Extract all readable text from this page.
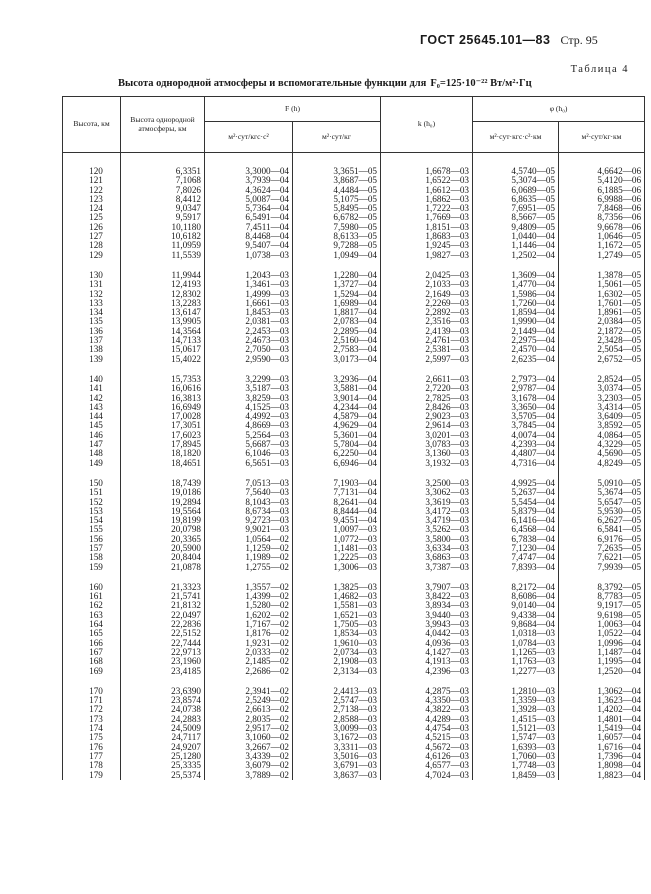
ГОСТ 25645.101—83 Стр. 95
Таблица 4
Высота однородной атмосферы и вспомогательные функции для F₀=125·10⁻²² Вт/м²·Гц
Высота, км	Высота однородной атмосферы, км	F (h)		k (h₀)	φ (h₀)	
		м²·сут/кгс·с²	м²·сут/кг		м²·сут·кгс·с²·км	м²·сут/кг·км

120	6,3351	3,3000—04	3,3651—05	1,6678—03	4,5740—05	4,6642—06
121	7,1068	3,7939—04	3,8687—05	1,6522—03	5,3074—05	5,4120—06
122	7,8026	4,3624—04	4,4484—05	1,6612—03	6,0689—05	6,1885—06
123	8,4412	5,0087—04	5,1075—05	1,6862—03	6,8635—05	6,9988—06
124	9,0347	5,7364—04	5,8495—05	1,7222—03	7,6951—05	7,8468—06
125	9,5917	6,5491—04	6,6782—05	1,7669—03	8,5667—05	8,7356—06
126	10,1180	7,4511—04	7,5980—05	1,8151—03	9,4809—05	9,6678—06
127	10,6182	8,4468—04	8,6133—05	1,8683—03	1,0440—04	1,0646—05
128	11,0959	9,5407—04	9,7288—05	1,9245—03	1,1446—04	1,1672—05
129	11,5539	1,0738—03	1,0949—04	1,9827—03	1,2502—04	1,2749—05

130	11,9944	1,2043—03	1,2280—04	2,0425—03	1,3609—04	1,3878—05
131	12,4193	1,3461—03	1,3727—04	2,1033—03	1,4770—04	1,5061—05
132	12,8302	1,4999—03	1,5294—04	2,1649—03	1,5986—04	1,6302—05
133	13,2283	1,6661—03	1,6989—04	2,2269—03	1,7260—04	1,7601—05
134	13,6147	1,8453—03	1,8817—04	2,2892—03	1,8594—04	1,8961—05
135	13,9905	2,0381—03	2,0783—04	2,3516—03	1,9990—04	2,0384—05
136	14,3564	2,2453—03	2,2895—04	2,4139—03	2,1449—04	2,1872—05
137	14,7133	2,4673—03	2,5160—04	2,4761—03	2,2975—04	2,3428—05
138	15,0617	2,7050—03	2,7583—04	2,5381—03	2,4570—04	2,5054—05
139	15,4022	2,9590—03	3,0173—04	2,5997—03	2,6235—04	2,6752—05

140	15,7353	3,2299—03	3,2936—04	2,6611—03	2,7973—04	2,8524—05
141	16,0616	3,5187—03	3,5881—04	2,7220—03	2,9787—04	3,0374—05
142	16,3813	3,8259—03	3,9014—04	2,7825—03	3,1678—04	3,2303—05
143	16,6949	4,1525—03	4,2344—04	2,8426—03	3,3650—04	3,4314—05
144	17,0028	4,4992—03	4,5879—04	2,9023—03	3,5705—04	3,6409—05
145	17,3051	4,8669—03	4,9629—04	2,9614—03	3,7845—04	3,8592—05
146	17,6023	5,2564—03	5,3601—04	3,0201—03	4,0074—04	4,0864—05
147	17,8945	5,6687—03	5,7804—04	3,0783—03	4,2393—04	4,3229—05
148	18,1820	6,1046—03	6,2250—04	3,1360—03	4,4807—04	4,5690—05
149	18,4651	6,5651—03	6,6946—04	3,1932—03	4,7316—04	4,8249—05

150	18,7439	7,0513—03	7,1903—04	3,2500—03	4,9925—04	5,0910—05
151	19,0186	7,5640—03	7,7131—04	3,3062—03	5,2637—04	5,3674—05
152	19,2894	8,1043—03	8,2641—04	3,3619—03	5,5454—04	5,6547—05
153	19,5564	8,6734—03	8,8444—04	3,4172—03	5,8379—04	5,9530—05
154	19,8199	9,2723—03	9,4551—04	3,4719—03	6,1416—04	6,2627—05
155	20,0798	9,9021—03	1,0097—03	3,5262—03	6,4568—04	6,5841—05
156	20,3365	1,0564—02	1,0772—03	3,5800—03	6,7838—04	6,9176—05
157	20,5900	1,1259—02	1,1481—03	3,6334—03	7,1230—04	7,2635—05
158	20,8404	1,1989—02	1,2225—03	3,6863—03	7,4747—04	7,6221—05
159	21,0878	1,2755—02	1,3006—03	3,7387—03	7,8393—04	7,9939—05

160	21,3323	1,3557—02	1,3825—03	3,7907—03	8,2172—04	8,3792—05
161	21,5741	1,4399—02	1,4682—03	3,8422—03	8,6086—04	8,7783—05
162	21,8132	1,5280—02	1,5581—03	3,8934—03	9,0140—04	9,1917—05
163	22,0497	1,6202—02	1,6521—03	3,9440—03	9,4338—04	9,6198—05
164	22,2836	1,7167—02	1,7505—03	3,9943—03	9,8684—04	1,0063—04
165	22,5152	1,8176—02	1,8534—03	4,0442—03	1,0318—03	1,0522—04
166	22,7444	1,9231—02	1,9610—03	4,0936—03	1,0784—03	1,0996—04
167	22,9713	2,0333—02	2,0734—03	4,1427—03	1,1265—03	1,1487—04
168	23,1960	2,1485—02	2,1908—03	4,1913—03	1,1763—03	1,1995—04
169	23,4185	2,2686—02	2,3134—03	4,2396—03	1,2277—03	1,2520—04

170	23,6390	2,3941—02	2,4413—03	4,2875—03	1,2810—03	1,3062—04
171	23,8574	2,5249—02	2,5747—03	4,3350—03	1,3359—03	1,3623—04
172	24,0738	2,6613—02	2,7138—03	4,3822—03	1,3928—03	1,4202—04
173	24,2883	2,8035—02	2,8588—03	4,4289—03	1,4515—03	1,4801—04
174	24,5009	2,9517—02	3,0099—03	4,4754—03	1,5121—03	1,5419—04
175	24,7117	3,1060—02	3,1672—03	4,5215—03	1,5747—03	1,6057—04
176	24,9207	3,2667—02	3,3311—03	4,5672—03	1,6393—03	1,6716—04
177	25,1280	3,4339—02	3,5016—03	4,6126—03	1,7060—03	1,7396—04
178	25,3335	3,6079—02	3,6791—03	4,6577—03	1,7748—03	1,8098—04
179	25,5374	3,7889—02	3,8637—03	4,7024—03	1,8459—03	1,8823—04
